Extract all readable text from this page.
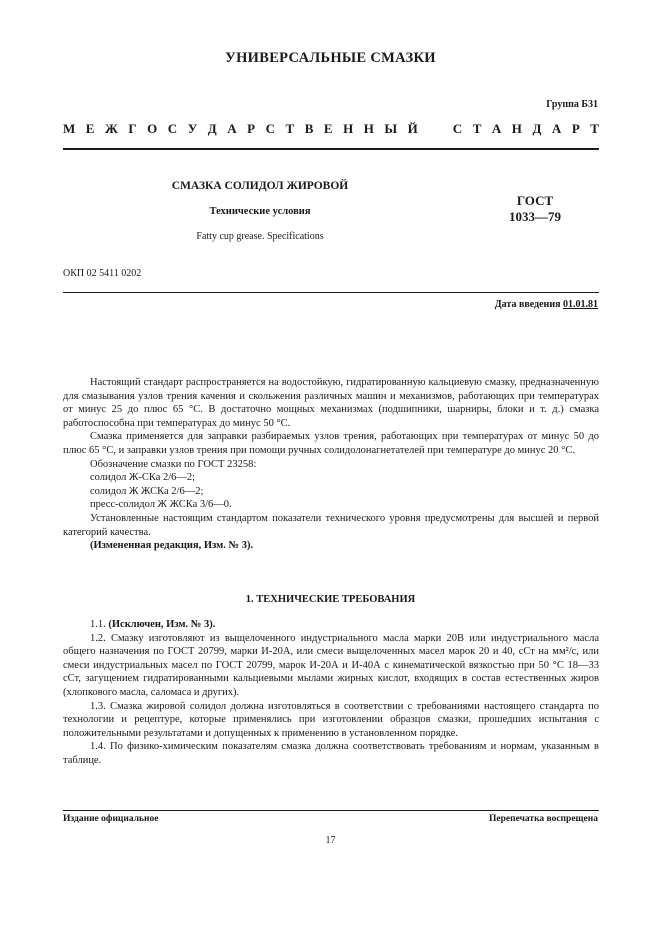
УНИВЕРСАЛЬНЫЕ СМАЗКИ
Группа Б31
М Е Ж Г О С У Д А Р С Т В Е Н Н Ы Й	С Т А Н Д А Р Т
СМАЗКА СОЛИДОЛ ЖИРОВОЙ
Технические условия
Fatty cup grease. Specifications
ГОСТ
1033—79
ОКП 02 5411 0202
Дата введения 01.01.81

Настоящий стандарт распространяется на водостойкую, гидратированную кальциевую смазку, предназначенную для смазывания узлов трения качения и скольжения различных машин и механизмов, работающих при температурах от минус 25 до плюс 65 °С. В достаточно мощных механизмах (подшипники, шарниры, блоки и т. д.) смазка работоспособна при температурах до минус 50 °С.

Смазка применяется для заправки разбираемых узлов трения, работающих при температурах от минус 50 до плюс 65 °С, и заправки узлов трения при помощи ручных солидолонагнетателей при температуре до минус 20 °С.

Обозначение смазки по ГОСТ 23258:

солидол Ж-СКа 2/6—2;

солидол Ж ЖСКа 2/6—2;

пресс-солидол Ж ЖСКа 3/6—0.

Установленные настоящим стандартом показатели технического уровня предусмотрены для высшей и первой категорий качества.

(Измененная редакция, Изм. № 3).

1. ТЕХНИЧЕСКИЕ ТРЕБОВАНИЯ

1.1. (Исключен, Изм. № 3).

1.2. Смазку изготовляют из выщелоченного индустриального масла марки 20В или индустриального масла общего назначения по ГОСТ 20799, марки И-20А, или смеси выщелоченных масел марок 20 и 40, сСт на мм²/с, или смеси индустриальных масел по ГОСТ 20799, марок И-20А и И-40А с кинематической вязкостью при 50 °С 18—33 сСт, загущением гидратированными кальциевыми мылами жирных кислот, входящих в состав естественных жиров (хлопкового масла, саломаса и других).

1.3. Смазка жировой солидол должна изготовляться в соответствии с требованиями настоящего стандарта по технологии и рецептуре, которые применялись при изготовлении образцов смазки, прошедших испытания с положительными результатами и допущенных к применению в установленном порядке.

1.4. По физико-химическим показателям смазка должна соответствовать требованиям и нормам, указанным в таблице.

Издание официальное	Перепечатка воспрещена
17
